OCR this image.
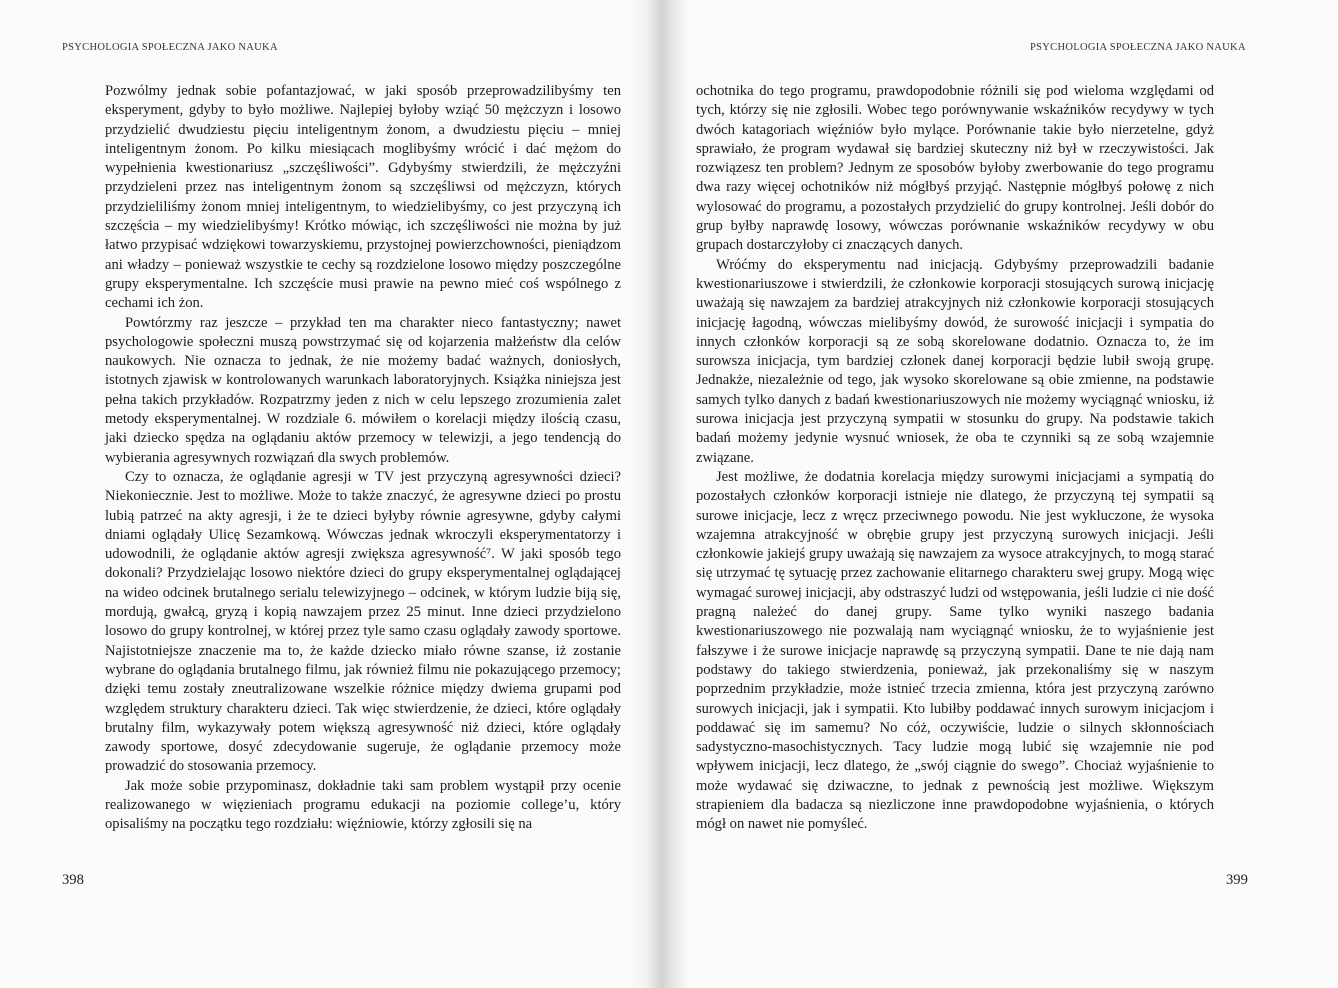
PSYCHOLOGIA SPOŁECZNA JAKO NAUKA	PSYCHOLOGIA SPOŁECZNA JAKO NAUKA

Pozwólmy jednak sobie pofantazjować, w jaki sposób przeprowadzilibyśmy ten eksperyment, gdyby to było możliwe. Najlepiej byłoby wziąć 50 mężczyzn i losowo przydzielić dwudziestu pięciu inteligentnym żonom, a dwudziestu pięciu – mniej inteligentnym żonom. Po kilku miesiącach moglibyśmy wrócić i dać mężom do wypełnienia kwestionariusz „szczęśliwości”. Gdybyśmy stwierdzili, że mężczyźni przydzieleni przez nas inteligentnym żonom są szczęśliwsi od mężczyzn, których przydzieliliśmy żonom mniej inteligentnym, to wiedzielibyśmy, co jest przyczyną ich szczęścia – my wiedzielibyśmy! Krótko mówiąc, ich szczęśliwości nie można by już łatwo przypisać wdziękowi towarzyskiemu, przystojnej powierzchowności, pieniądzom ani władzy – ponieważ wszystkie te cechy są rozdzielone losowo między poszczególne grupy eksperymentalne. Ich szczęście musi prawie na pewno mieć coś wspólnego z cechami ich żon.

Powtórzmy raz jeszcze – przykład ten ma charakter nieco fantastyczny; nawet psychologowie społeczni muszą powstrzymać się od kojarzenia małżeństw dla celów naukowych. Nie oznacza to jednak, że nie możemy badać ważnych, doniosłych, istotnych zjawisk w kontrolowanych warunkach laboratoryjnych. Książka niniejsza jest pełna takich przykładów. Rozpatrzmy jeden z nich w celu lepszego zrozumienia zalet metody eksperymentalnej. W rozdziale 6. mówiłem o korelacji między ilością czasu, jaki dziecko spędza na oglądaniu aktów przemocy w telewizji, a jego tendencją do wybierania agresywnych rozwiązań dla swych problemów.

Czy to oznacza, że oglądanie agresji w TV jest przyczyną agresywności dzieci? Niekoniecznie. Jest to możliwe. Może to także znaczyć, że agresywne dzieci po prostu lubią patrzeć na akty agresji, i że te dzieci byłyby równie agresywne, gdyby całymi dniami oglądały Ulicę Sezamkową. Wówczas jednak wkroczyli eksperymentatorzy i udowodnili, że oglądanie aktów agresji zwiększa agresywność⁷. W jaki sposób tego dokonali? Przydzielając losowo niektóre dzieci do grupy eksperymentalnej oglądającej na wideo odcinek brutalnego serialu telewizyjnego – odcinek, w którym ludzie biją się, mordują, gwałcą, gryzą i kopią nawzajem przez 25 minut. Inne dzieci przydzielono losowo do grupy kontrolnej, w której przez tyle samo czasu oglądały zawody sportowe. Najistotniejsze znaczenie ma to, że każde dziecko miało równe szanse, iż zostanie wybrane do oglądania brutalnego filmu, jak również filmu nie pokazującego przemocy; dzięki temu zostały zneutralizowane wszelkie różnice między dwiema grupami pod względem struktury charakteru dzieci. Tak więc stwierdzenie, że dzieci, które oglądały brutalny film, wykazywały potem większą agresywność niż dzieci, które oglądały zawody sportowe, dosyć zdecydowanie sugeruje, że oglądanie przemocy może prowadzić do stosowania przemocy.

Jak może sobie przypominasz, dokładnie taki sam problem wystąpił przy ocenie realizowanego w więzieniach programu edukacji na poziomie college’u, który opisaliśmy na początku tego rozdziału: więźniowie, którzy zgłosili się na

ochotnika do tego programu, prawdopodobnie różnili się pod wieloma względami od tych, którzy się nie zgłosili. Wobec tego porównywanie wskaźników recydywy w tych dwóch katagoriach więźniów było mylące. Porównanie takie było nierzetelne, gdyż sprawiało, że program wydawał się bardziej skuteczny niż był w rzeczywistości. Jak rozwiązesz ten problem? Jednym ze sposobów byłoby zwerbowanie do tego programu dwa razy więcej ochotników niż mógłbyś przyjąć. Następnie mógłbyś połowę z nich wylosować do programu, a pozostałych przydzielić do grupy kontrolnej. Jeśli dobór do grup byłby naprawdę losowy, wówczas porównanie wskaźników recydywy w obu grupach dostarczyłoby ci znaczących danych.

Wróćmy do eksperymentu nad inicjacją. Gdybyśmy przeprowadzili badanie kwestionariuszowe i stwierdzili, że członkowie korporacji stosujących surową inicjację uważają się nawzajem za bardziej atrakcyjnych niż członkowie korporacji stosujących inicjację łagodną, wówczas mielibyśmy dowód, że surowość inicjacji i sympatia do innych członków korporacji są ze sobą skorelowane dodatnio. Oznacza to, że im surowsza inicjacja, tym bardziej członek danej korporacji będzie lubił swoją grupę. Jednakże, niezależnie od tego, jak wysoko skorelowane są obie zmienne, na podstawie samych tylko danych z badań kwestionariuszowych nie możemy wyciągnąć wniosku, iż surowa inicjacja jest przyczyną sympatii w stosunku do grupy. Na podstawie takich badań możemy jedynie wysnuć wniosek, że oba te czynniki są ze sobą wzajemnie związane.

Jest możliwe, że dodatnia korelacja między surowymi inicjacjami a sympatią do pozostałych członków korporacji istnieje nie dlatego, że przyczyną tej sympatii są surowe inicjacje, lecz z wręcz przeciwnego powodu. Nie jest wykluczone, że wysoka wzajemna atrakcyjność w obrębie grupy jest przyczyną surowych inicjacji. Jeśli członkowie jakiejś grupy uważają się nawzajem za wysoce atrakcyjnych, to mogą starać się utrzymać tę sytuację przez zachowanie elitarnego charakteru swej grupy. Mogą więc wymagać surowej inicjacji, aby odstraszyć ludzi od wstępowania, jeśli ludzie ci nie dość pragną należeć do danej grupy. Same tylko wyniki naszego badania kwestionariuszowego nie pozwalają nam wyciągnąć wniosku, że to wyjaśnienie jest fałszywe i że surowe inicjacje naprawdę są przyczyną sympatii. Dane te nie dają nam podstawy do takiego stwierdzenia, ponieważ, jak przekonaliśmy się w naszym poprzednim przykładzie, może istnieć trzecia zmienna, która jest przyczyną zarówno surowych inicjacji, jak i sympatii. Kto lubiłby poddawać innych surowym inicjacjom i poddawać się im samemu? No cóż, oczywiście, ludzie o silnych skłonnościach sadystyczno-masochistycznych. Tacy ludzie mogą lubić się wzajemnie nie pod wpływem inicjacji, lecz dlatego, że „swój ciągnie do swego”. Chociaż wyjaśnienie to może wydawać się dziwaczne, to jednak z pewnością jest możliwe. Większym strapieniem dla badacza są niezliczone inne prawdopodobne wyjaśnienia, o których mógł on nawet nie pomyśleć.

398	399
